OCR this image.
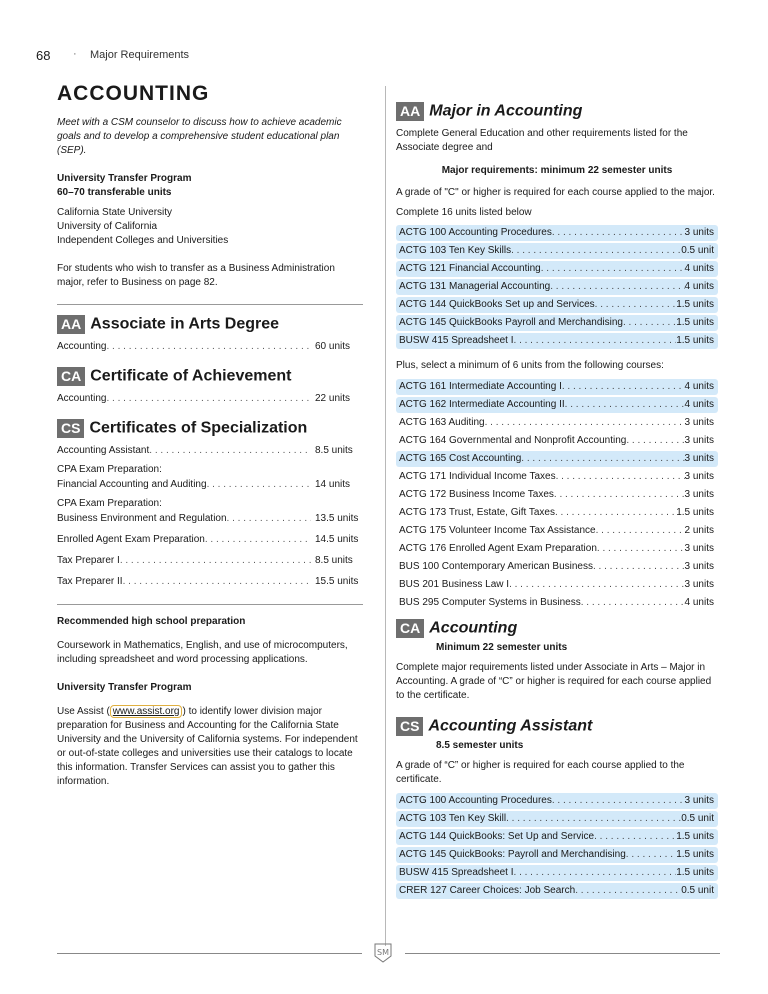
68 · Major Requirements
ACCOUNTING

Meet with a CSM counselor to discuss how to achieve academic goals and to develop a comprehensive student educational plan (SEP).

University Transfer Program

60–70 transferable units

California State University

University of California

Independent Colleges and Universities

For students who wish to transfer as a Business Administration major, refer to Business on page 82.

AA Associate in Arts Degree
Accounting . . .	60 units
CA Certificate of Achievement
Accounting . . .	22 units
CS Certificates of Specialization
Accounting Assistant . . .	8.5 units
CPA Exam Preparation:
Financial Accounting and Auditing . . .	14 units
CPA Exam Preparation:
Business Environment and Regulation . . .	13.5 units
Enrolled Agent Exam Preparation . . .	14.5 units
Tax Preparer I . . .	8.5 units
Tax Preparer II . . .	15.5 units

Recommended high school preparation

Coursework in Mathematics, English, and use of microcomputers, including spreadsheet and word processing applications.

University Transfer Program

Use Assist ( www.assist.org ) to identify lower division major preparation for Business and Accounting for the California State University and the University of California systems. For independent or out-of-state colleges and universities use their catalogs to locate this information. Transfer Services can assist you to gather this information.

AA Major in Accounting

Complete General Education and other requirements listed for the Associate degree and

Major requirements: minimum 22 semester units

A grade of "C" or higher is required for each course applied to the major.

Complete 16 units listed below

ACTG 100 Accounting Procedures . . .	3 units
ACTG 103 Ten Key Skills . . .	0.5 unit
ACTG 121 Financial Accounting . . .	4 units
ACTG 131 Managerial Accounting . . .	4 units
ACTG 144 QuickBooks Set up and Services . . .	1.5 units
ACTG 145 QuickBooks Payroll and Merchandising . . .	1.5 units
BUSW 415 Spreadsheet I . . .	1.5 units

Plus, select a minimum of 6 units from the following courses:

ACTG 161 Intermediate Accounting I . . .	4 units
ACTG 162 Intermediate Accounting II . . .	4 units
ACTG 163 Auditing . . .	3 units
ACTG 164 Governmental and Nonprofit Accounting . . .	3 units
ACTG 165 Cost Accounting . . .	3 units
ACTG 171 Individual Income Taxes . . .	3 units
ACTG 172 Business Income Taxes . . .	3 units
ACTG 173 Trust, Estate, Gift Taxes . . .	1.5 units
ACTG 175 Volunteer Income Tax Assistance . . .	2 units
ACTG 176 Enrolled Agent Exam Preparation . . .	3 units
BUS 100 Contemporary American Business . . .	3 units
BUS 201 Business Law I . . .	3 units
BUS 295 Computer Systems in Business . . .	4 units
CA Accounting
Minimum 22 semester units

Complete major requirements listed under Associate in Arts – Major in Accounting. A grade of “C” or higher is required for each course applied to the certificate.

CS Accounting Assistant
8.5 semester units

A grade of “C” or higher is required for each course applied to the certificate.

ACTG 100 Accounting Procedures . . .	3 units
ACTG 103 Ten Key Skill . . .	0.5 unit
ACTG 144 QuickBooks: Set Up and Service . . .	1.5 units
ACTG 145 QuickBooks: Payroll and Merchandising . . .	1.5 units
BUSW 415 Spreadsheet I . . .	1.5 units
CRER 127 Career Choices: Job Search . . .	0.5 unit
SM
